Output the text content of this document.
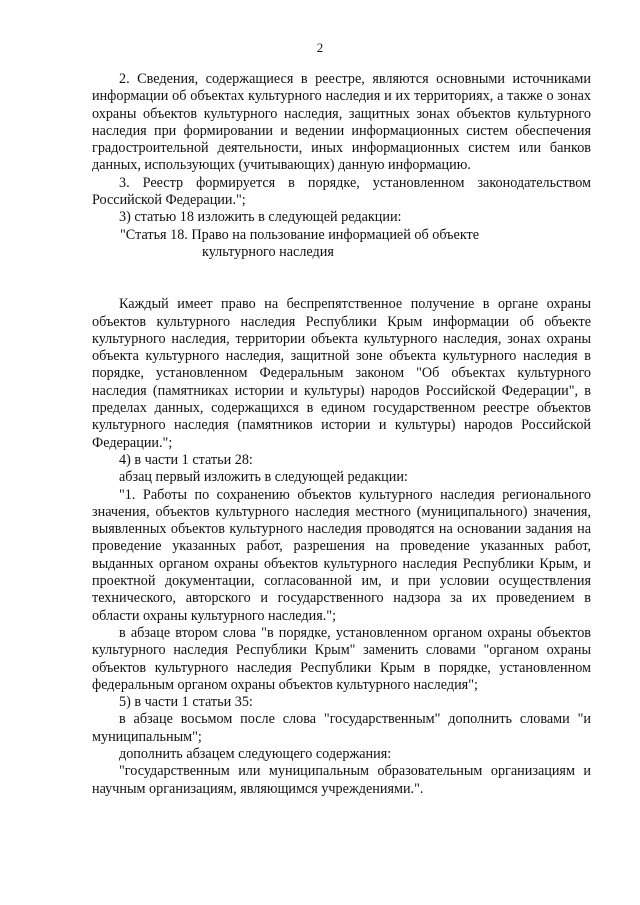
2

2. Сведения, содержащиеся в реестре, являются основными источниками информации об объектах культурного наследия и их территориях, а также о зонах охраны объектов культурного наследия, защитных зонах объектов культурного наследия при формировании и ведении информационных систем обеспечения градостроительной деятельности, иных информационных систем или банков данных, использующих (учитывающих) данную информацию.

3. Реестр формируется в порядке, установленном законодательством Российской Федерации.";

3) статью 18 изложить в следующей редакции:

"Статья 18. Право на пользование информацией об объекте

культурного наследия

Каждый имеет право на беспрепятственное получение в органе охраны объектов культурного наследия Республики Крым информации об объекте культурного наследия, территории объекта культурного наследия, зонах охраны объекта культурного наследия, защитной зоне объекта культурного наследия в порядке, установленном Федеральным законом "Об объектах культурного наследия (памятниках истории и культуры) народов Российской Федерации", в пределах данных, содержащихся в едином государственном реестре объектов культурного наследия (памятников истории и культуры) народов Российской Федерации.";

4) в части 1 статьи 28:

абзац первый изложить в следующей редакции:

"1. Работы по сохранению объектов культурного наследия регионального значения, объектов культурного наследия местного (муниципального) значения, выявленных объектов культурного наследия проводятся на основании задания на проведение указанных работ, разрешения на проведение указанных работ, выданных органом охраны объектов культурного наследия Республики Крым, и проектной документации, согласованной им, и при условии осуществления технического, авторского и государственного надзора за их проведением в области охраны культурного наследия.";

в абзаце втором слова "в порядке, установленном органом охраны объектов культурного наследия Республики Крым" заменить словами "органом охраны объектов культурного наследия Республики Крым в порядке, установленном федеральным органом охраны объектов культурного наследия";

5) в части 1 статьи 35:

в абзаце восьмом после слова "государственным" дополнить словами "и муниципальным";

дополнить абзацем следующего содержания:

"государственным или муниципальным образовательным организациям и научным организациям, являющимся учреждениями.".
